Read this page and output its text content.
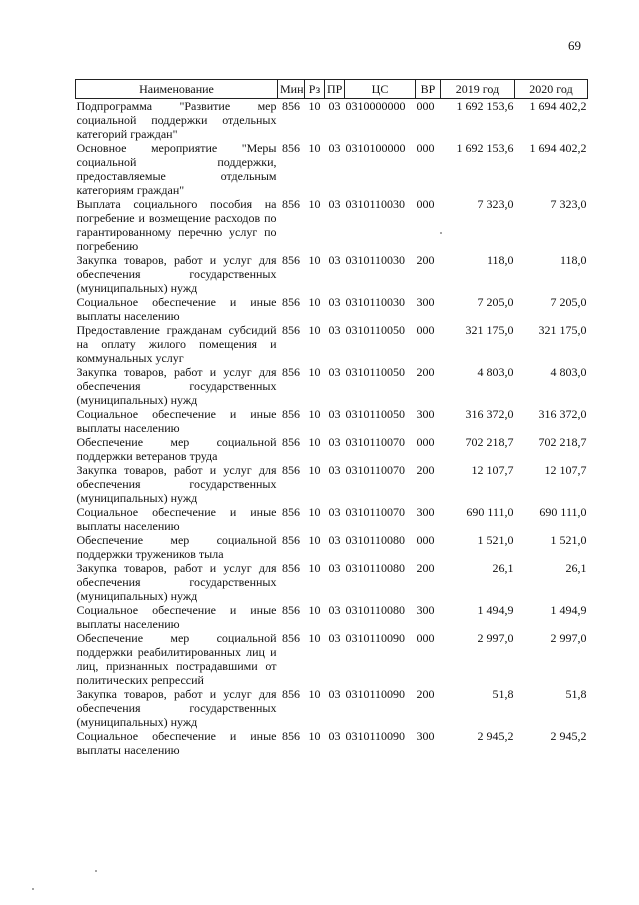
69
Наименование	Мин	Рз	ПР	ЦС	ВР	2019 год	2020 год
Подпрограмма "Развитие мер социальной поддержки отдельных категорий граждан"	856	10	03	0310000000	000	1 692 153,6	1 694 402,2
Основное мероприятие "Меры социальной поддержки, предоставляемые отдельным категориям граждан"	856	10	03	0310100000	000	1 692 153,6	1 694 402,2
Выплата социального пособия на погребение и возмещение расходов по гарантированному перечню услуг по погребению	856	10	03	0310110030	000	7 323,0	7 323,0
Закупка товаров, работ и услуг для обеспечения государственных (муниципальных) нужд	856	10	03	0310110030	200	118,0	118,0
Социальное обеспечение и иные выплаты населению	856	10	03	0310110030	300	7 205,0	7 205,0
Предоставление гражданам субсидий на оплату жилого помещения и коммунальных услуг	856	10	03	0310110050	000	321 175,0	321 175,0
Закупка товаров, работ и услуг для обеспечения государственных (муниципальных) нужд	856	10	03	0310110050	200	4 803,0	4 803,0
Социальное обеспечение и иные выплаты населению	856	10	03	0310110050	300	316 372,0	316 372,0
Обеспечение мер социальной поддержки ветеранов труда	856	10	03	0310110070	000	702 218,7	702 218,7
Закупка товаров, работ и услуг для обеспечения государственных (муниципальных) нужд	856	10	03	0310110070	200	12 107,7	12 107,7
Социальное обеспечение и иные выплаты населению	856	10	03	0310110070	300	690 111,0	690 111,0
Обеспечение мер социальной поддержки тружеников тыла	856	10	03	0310110080	000	1 521,0	1 521,0
Закупка товаров, работ и услуг для обеспечения государственных (муниципальных) нужд	856	10	03	0310110080	200	26,1	26,1
Социальное обеспечение и иные выплаты населению	856	10	03	0310110080	300	1 494,9	1 494,9
Обеспечение мер социальной поддержки реабилитированных лиц и лиц, признанных пострадавшими от политических репрессий	856	10	03	0310110090	000	2 997,0	2 997,0
Закупка товаров, работ и услуг для обеспечения государственных (муниципальных) нужд	856	10	03	0310110090	200	51,8	51,8
Социальное обеспечение и иные выплаты населению	856	10	03	0310110090	300	2 945,2	2 945,2
